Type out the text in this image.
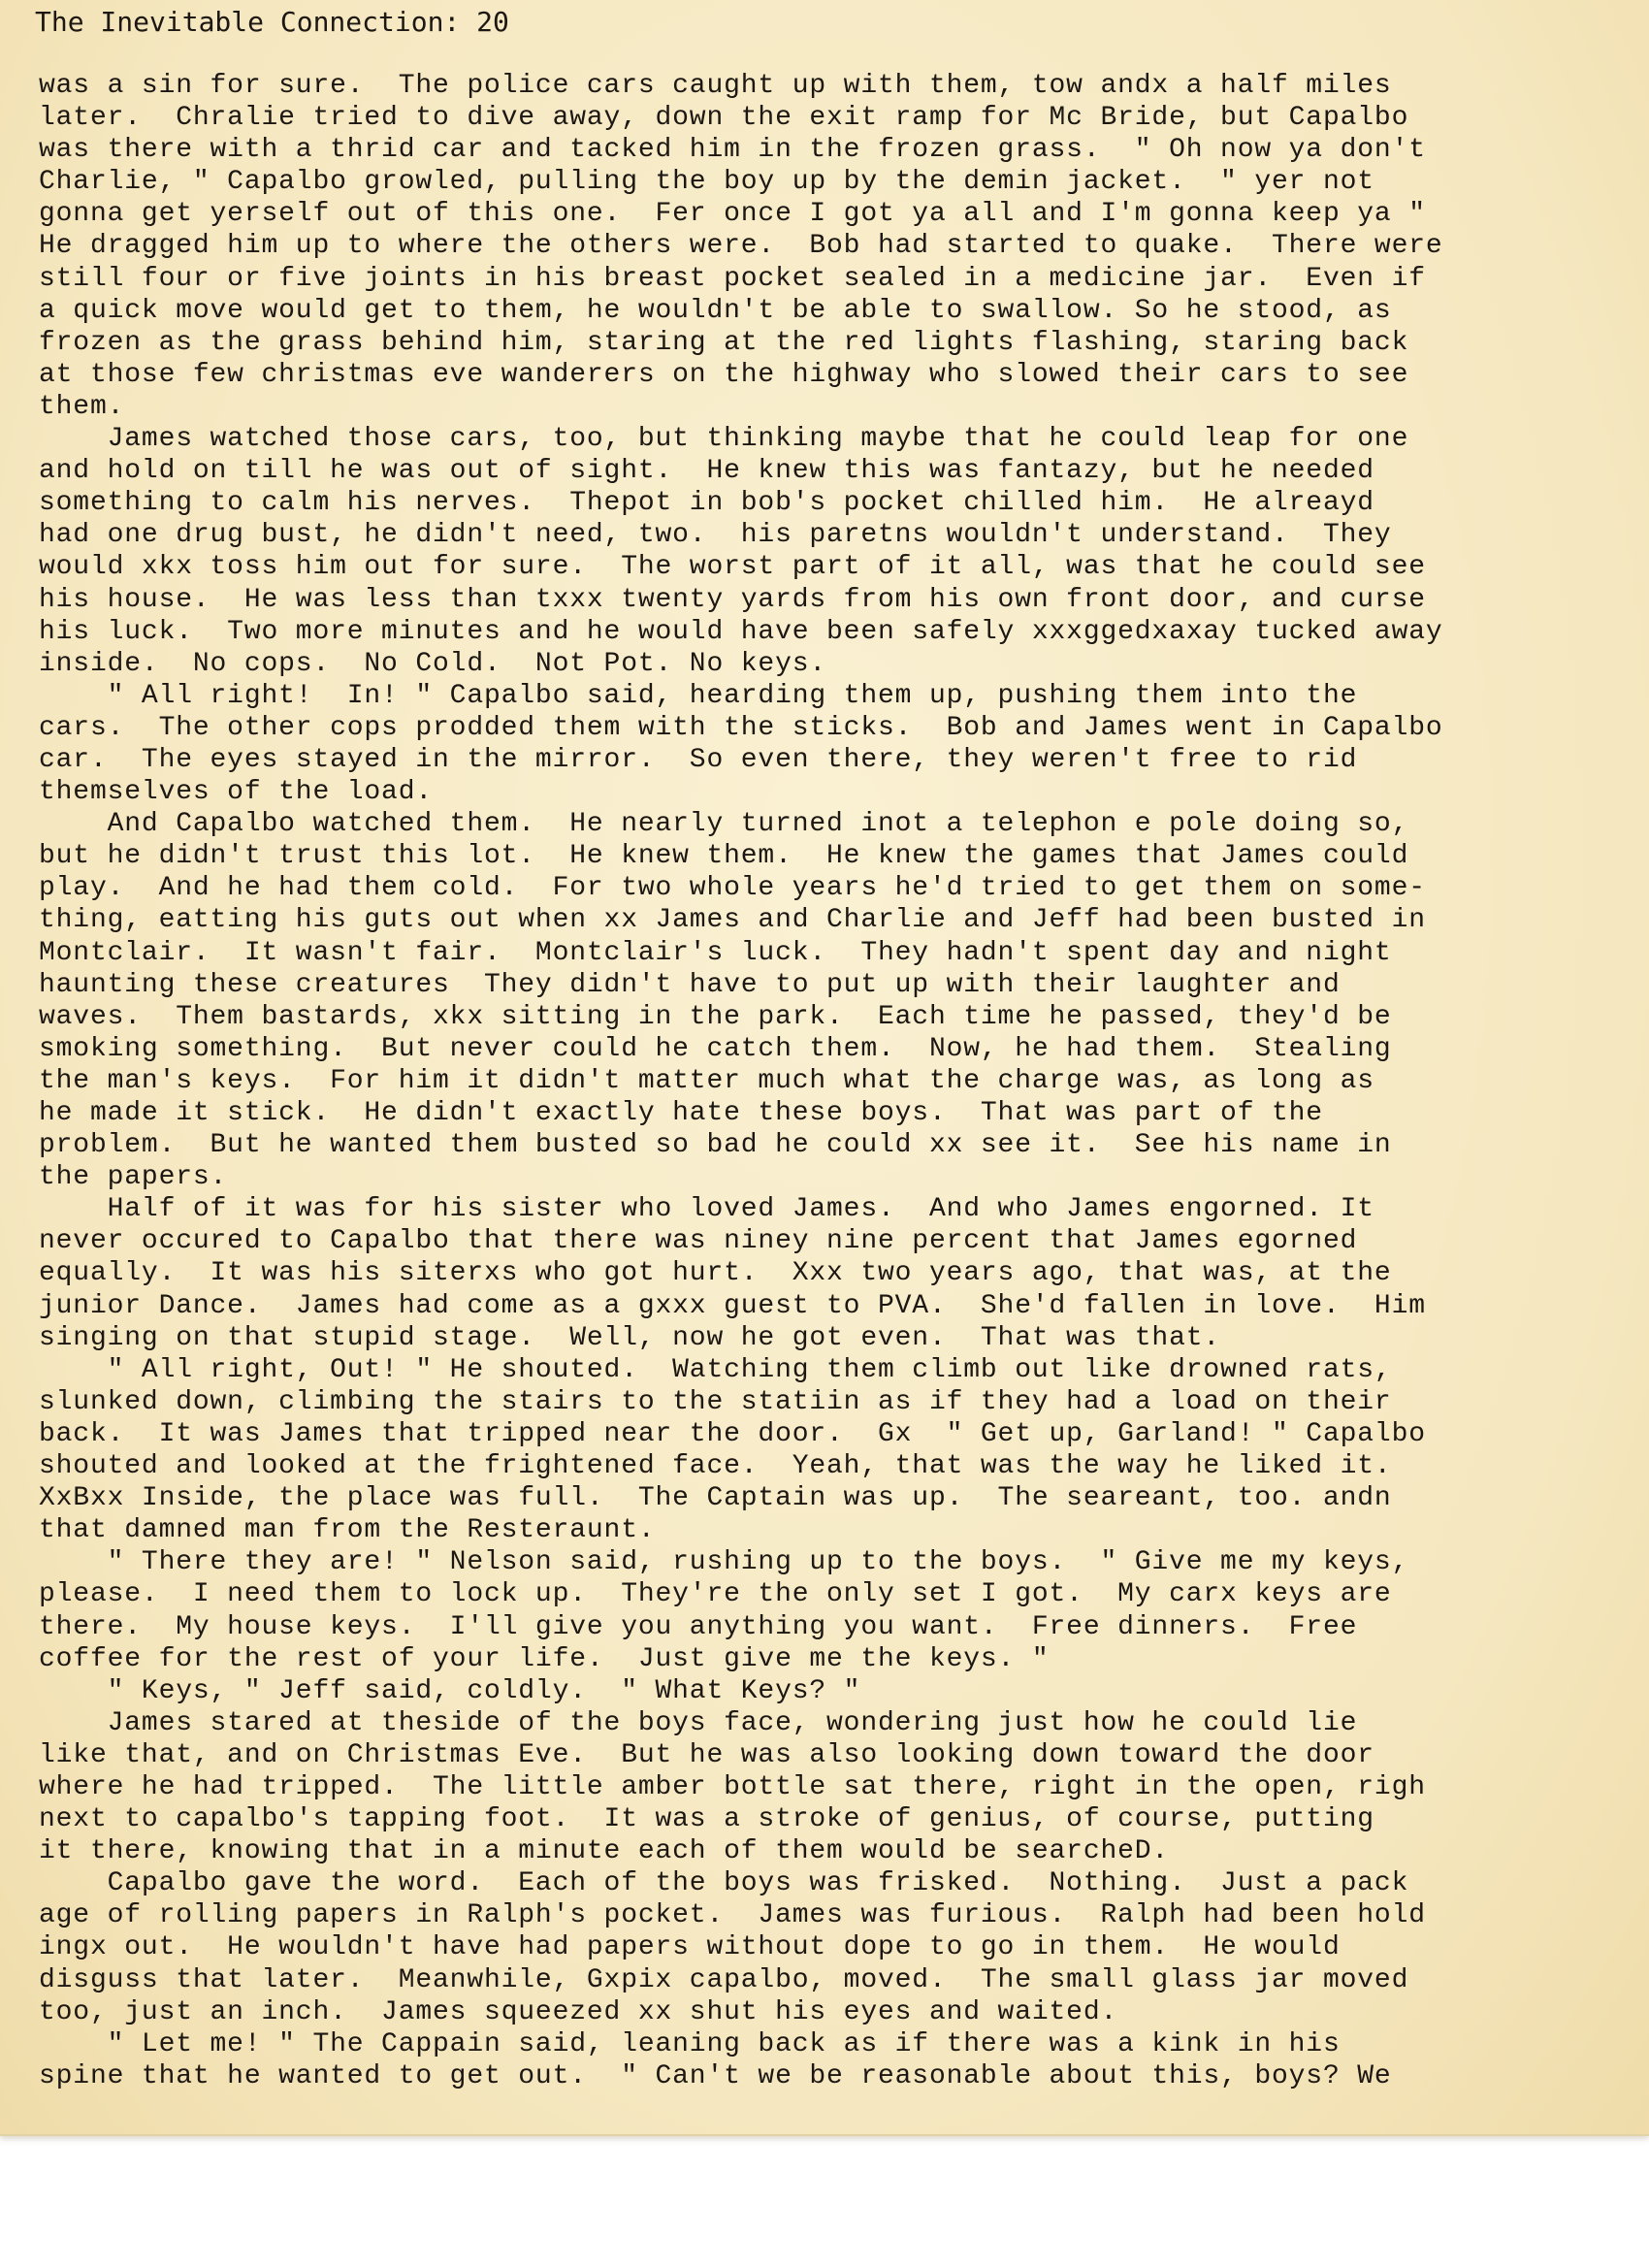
The Inevitable Connection: 20
was a sin for sure.  The police cars caught up with them, tow andx a half miles
later.  Chralie tried to dive away, down the exit ramp for Mc Bride, but Capalbo
was there with a thrid car and tacked him in the frozen grass.  " Oh now ya don't
Charlie, " Capalbo growled, pulling the boy up by the demin jacket.  " yer not
gonna get yerself out of this one.  Fer once I got ya all and I'm gonna keep ya "
He dragged him up to where the others were.  Bob had started to quake.  There were
still four or five joints in his breast pocket sealed in a medicine jar.  Even if
a quick move would get to them, he wouldn't be able to swallow. So he stood, as
frozen as the grass behind him, staring at the red lights flashing, staring back
at those few christmas eve wanderers on the highway who slowed their cars to see
them.
James watched those cars, too, but thinking maybe that he could leap for one
and hold on till he was out of sight.  He knew this was fantazy, but he needed
something to calm his nerves.  Thepot in bob's pocket chilled him.  He alreayd
had one drug bust, he didn't need, two.  his paretns wouldn't understand.  They
would xkx toss him out for sure.  The worst part of it all, was that he could see
his house.  He was less than txxx twenty yards from his own front door, and curse
his luck.  Two more minutes and he would have been safely xxxggedxaxay tucked away
inside.  No cops.  No Cold.  Not Pot. No keys.
" All right!  In! " Capalbo said, hearding them up, pushing them into the
cars.  The other cops prodded them with the sticks.  Bob and James went in Capalbo
car.  The eyes stayed in the mirror.  So even there, they weren't free to rid
themselves of the load.
And Capalbo watched them.  He nearly turned inot a telephon e pole doing so,
but he didn't trust this lot.  He knew them.  He knew the games that James could
play.  And he had them cold.  For two whole years he'd tried to get them on some-
thing, eatting his guts out when xx James and Charlie and Jeff had been busted in
Montclair.  It wasn't fair.  Montclair's luck.  They hadn't spent day and night
haunting these creatures  They didn't have to put up with their laughter and
waves.  Them bastards, xkx sitting in the park.  Each time he passed, they'd be
smoking something.  But never could he catch them.  Now, he had them.  Stealing
the man's keys.  For him it didn't matter much what the charge was, as long as
he made it stick.  He didn't exactly hate these boys.  That was part of the
problem.  But he wanted them busted so bad he could xx see it.  See his name in
the papers.
Half of it was for his sister who loved James.  And who James engorned. It
never occured to Capalbo that there was niney nine percent that James egorned
equally.  It was his siterxs who got hurt.  Xxx two years ago, that was, at the
junior Dance.  James had come as a gxxx guest to PVA.  She'd fallen in love.  Him
singing on that stupid stage.  Well, now he got even.  That was that.
" All right, Out! " He shouted.  Watching them climb out like drowned rats,
slunked down, climbing the stairs to the statiin as if they had a load on their
back.  It was James that tripped near the door.  Gx  " Get up, Garland! " Capalbo
shouted and looked at the frightened face.  Yeah, that was the way he liked it.
XxBxx Inside, the place was full.  The Captain was up.  The seareant, too. andn
that damned man from the Resteraunt.
" There they are! " Nelson said, rushing up to the boys.  " Give me my keys,
please.  I need them to lock up.  They're the only set I got.  My carx keys are
there.  My house keys.  I'll give you anything you want.  Free dinners.  Free
coffee for the rest of your life.  Just give me the keys. "
" Keys, " Jeff said, coldly.  " What Keys? "
James stared at theside of the boys face, wondering just how he could lie
like that, and on Christmas Eve.  But he was also looking down toward the door
where he had tripped.  The little amber bottle sat there, right in the open, righ
next to capalbo's tapping foot.  It was a stroke of genius, of course, putting
it there, knowing that in a minute each of them would be searcheD.
Capalbo gave the word.  Each of the boys was frisked.  Nothing.  Just a pack
age of rolling papers in Ralph's pocket.  James was furious.  Ralph had been hold
ingx out.  He wouldn't have had papers without dope to go in them.  He would
disguss that later.  Meanwhile, Gxpix capalbo, moved.  The small glass jar moved
too, just an inch.  James squeezed xx shut his eyes and waited.
" Let me! " The Cappain said, leaning back as if there was a kink in his
spine that he wanted to get out.  " Can't we be reasonable about this, boys? We
